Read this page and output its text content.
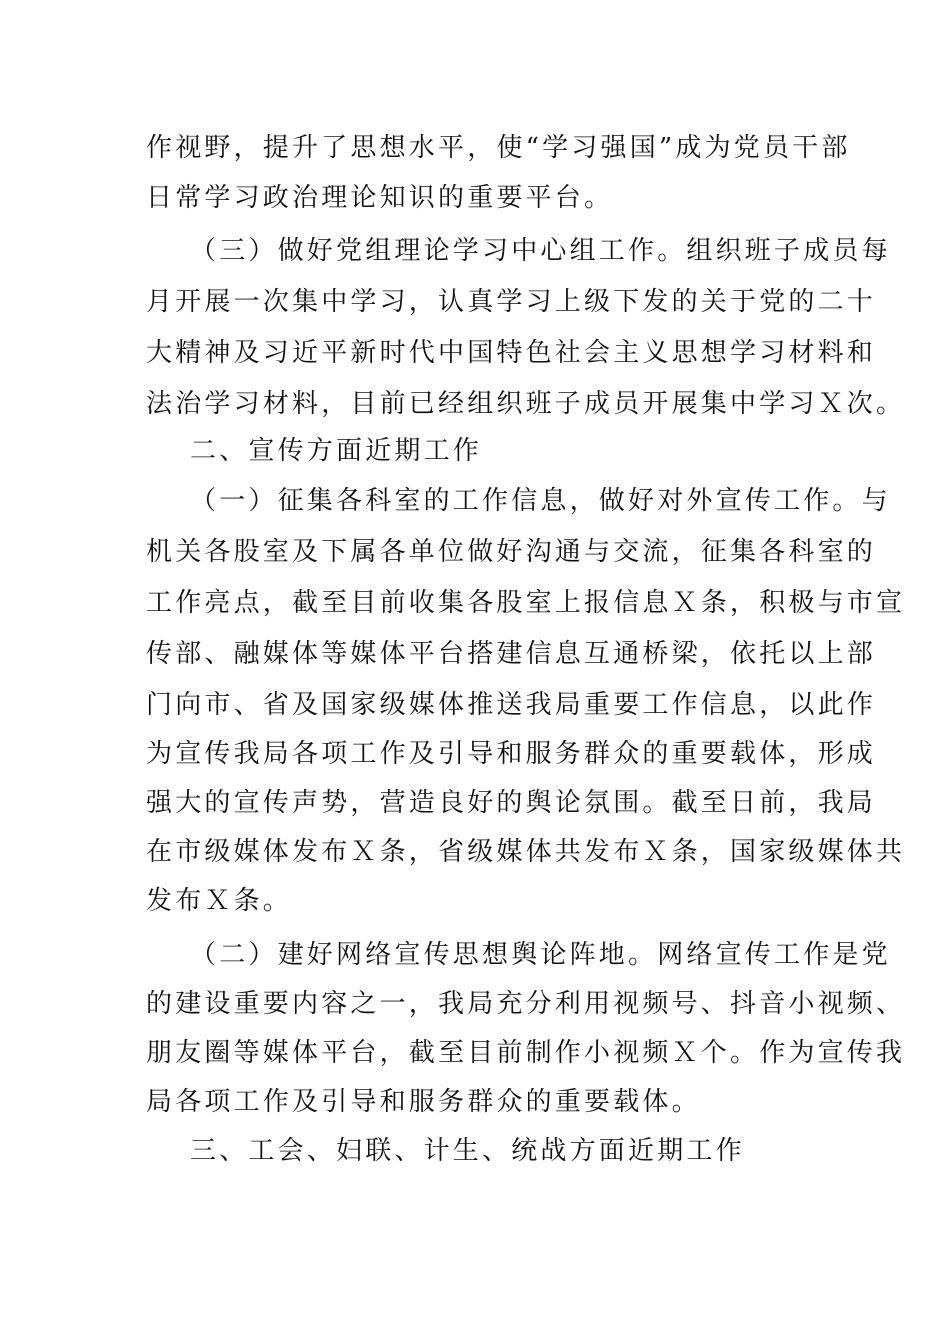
作视野，提升了思想水平，使“学习强国”成为党员干部
日常学习政治理论知识的重要平台。
（三）做好党组理论学习中心组工作。组织班子成员每
月开展一次集中学习，认真学习上级下发的关于党的二十
大精神及习近平新时代中国特色社会主义思想学习材料和
法治学习材料，目前已经组织班子成员开展集中学习Ｘ次。
二、宣传方面近期工作
（一）征集各科室的工作信息，做好对外宣传工作。与
机关各股室及下属各单位做好沟通与交流，征集各科室的
工作亮点，截至目前收集各股室上报信息Ｘ条，积极与市宣
传部、融媒体等媒体平台搭建信息互通桥梁，依托以上部
门向市、省及国家级媒体推送我局重要工作信息，以此作
为宣传我局各项工作及引导和服务群众的重要载体，形成
强大的宣传声势，营造良好的舆论氛围。截至日前，我局
在市级媒体发布Ｘ条，省级媒体共发布Ｘ条，国家级媒体共
发布Ｘ条。
（二）建好网络宣传思想舆论阵地。网络宣传工作是党
的建设重要内容之一，我局充分利用视频号、抖音小视频、
朋友圈等媒体平台，截至目前制作小视频Ｘ个。作为宣传我
局各项工作及引导和服务群众的重要载体。
三、工会、妇联、计生、统战方面近期工作
